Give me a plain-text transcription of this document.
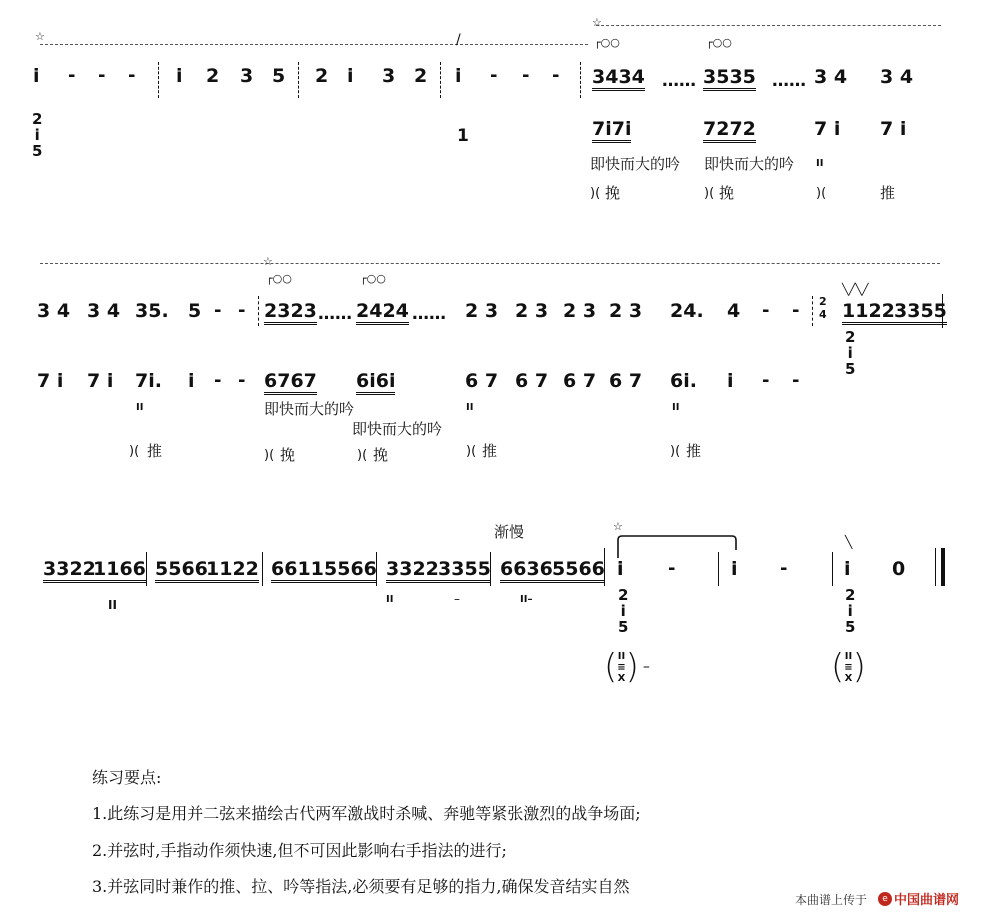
☆
☆
/
i - - - i 2 3 5 2 i 3 2 i - - -
2
i
5
1
┌○○	┌○○
3434 …… 3535 …… 3 4 3 4
7i7i	7272	7 i 7 i
即快而大的吟 即快而大的吟 II
)( 挽	)( 挽	)(	推
☆
┌○○	┌○○
3 4 3 4 35. 5 - - 2323 …… 2424 …… 2 3 2 3 2 3 2 3 24. 4 - - 2
4
╲╱╲╱
1122 3355
2
i
5
7 i 7 i 7i. i - - 6767 6i6i	6 7 6 7 6 7 6 7 6i. i - -
II	II	II
即快而大的吟
即快而大的吟
)( 推	)( 挽	)( 挽	)( 推	)( 推
渐慢	☆
╲
3322
1166 5566
1122 6611 5566 3322 3355 6636 5566
II	II	–	II–
i -	i -	i 0
2
i
5
2
i
5
( II
≡
X ) –	( II
≡
X )
练习要点:
1.此练习是用并二弦来描绘古代两军激战时杀喊、奔驰等紧张激烈的战争场面;
2.并弦时,手指动作须快速,但不可因此影响右手指法的进行;
3.并弦同时兼作的推、拉、吟等指法,必须要有足够的指力,确保发音结实自然
本曲谱上传于	e 中国曲谱网
